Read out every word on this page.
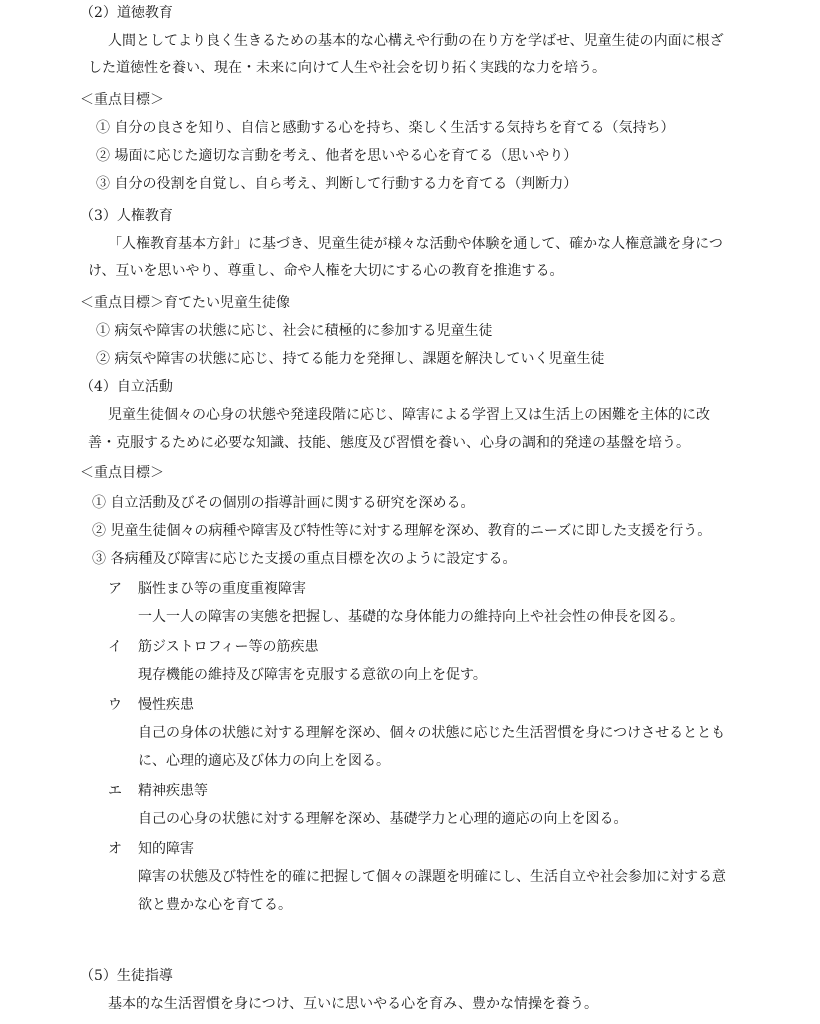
（2）道徳教育
人間としてより良く生きるための基本的な心構えや行動の在り方を学ばせ、児童生徒の内面に根ざ
した道徳性を養い、現在・未来に向けて人生や社会を切り拓く実践的な力を培う。
＜重点目標＞
① 自分の良さを知り、自信と感動する心を持ち、楽しく生活する気持ちを育てる（気持ち）
② 場面に応じた適切な言動を考え、他者を思いやる心を育てる（思いやり）
③ 自分の役割を自覚し、自ら考え、判断して行動する力を育てる（判断力）
（3）人権教育
「人権教育基本方針」に基づき、児童生徒が様々な活動や体験を通して、確かな人権意識を身につ
け、互いを思いやり、尊重し、命や人権を大切にする心の教育を推進する。
＜重点目標＞育てたい児童生徒像
① 病気や障害の状態に応じ、社会に積極的に参加する児童生徒
② 病気や障害の状態に応じ、持てる能力を発揮し、課題を解決していく児童生徒
（4）自立活動
児童生徒個々の心身の状態や発達段階に応じ、障害による学習上又は生活上の困難を主体的に改
善・克服するために必要な知識、技能、態度及び習慣を養い、心身の調和的発達の基盤を培う。
＜重点目標＞
① 自立活動及びその個別の指導計画に関する研究を深める。
② 児童生徒個々の病種や障害及び特性等に対する理解を深め、教育的ニーズに即した支援を行う。
③ 各病種及び障害に応じた支援の重点目標を次のように設定する。
ア 脳性まひ等の重度重複障害
一人一人の障害の実態を把握し、基礎的な身体能力の維持向上や社会性の伸長を図る。
イ 筋ジストロフィー等の筋疾患
現存機能の維持及び障害を克服する意欲の向上を促す。
ウ 慢性疾患
自己の身体の状態に対する理解を深め、個々の状態に応じた生活習慣を身につけさせるととも
に、心理的適応及び体力の向上を図る。
エ 精神疾患等
自己の心身の状態に対する理解を深め、基礎学力と心理的適応の向上を図る。
オ 知的障害
障害の状態及び特性を的確に把握して個々の課題を明確にし、生活自立や社会参加に対する意
欲と豊かな心を育てる。
（5）生徒指導
基本的な生活習慣を身につけ、互いに思いやる心を育み、豊かな情操を養う。
